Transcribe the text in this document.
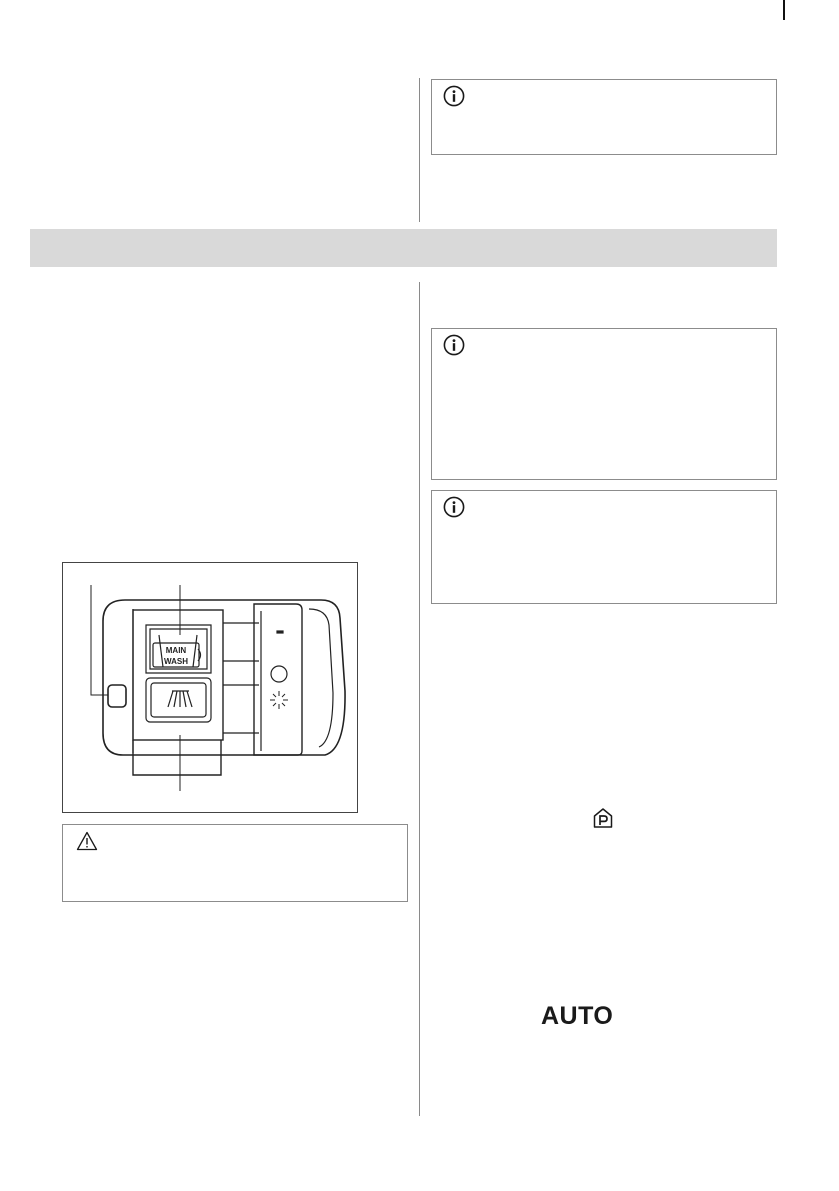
MAIN
WASH
AUTO
